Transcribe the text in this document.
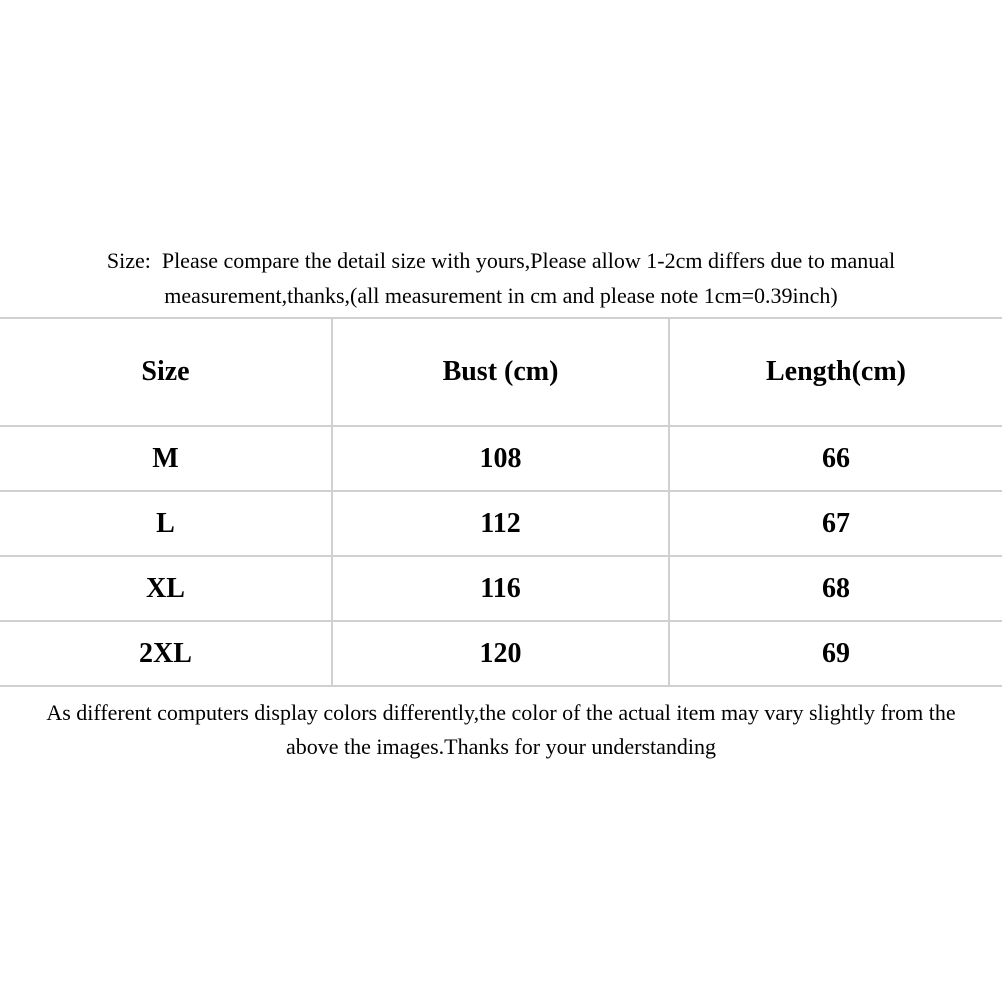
Size:  Please compare the detail size with yours,Please allow 1-2cm differs due to manual
measurement,thanks,(all measurement in cm and please note 1cm=0.39inch)
Size	Bust (cm)	Length(cm)
M	108	66
L	112	67
XL	116	68
2XL	120	69
As different computers display colors differently,the color of the actual item may vary slightly from the
above the images.Thanks for your understanding
